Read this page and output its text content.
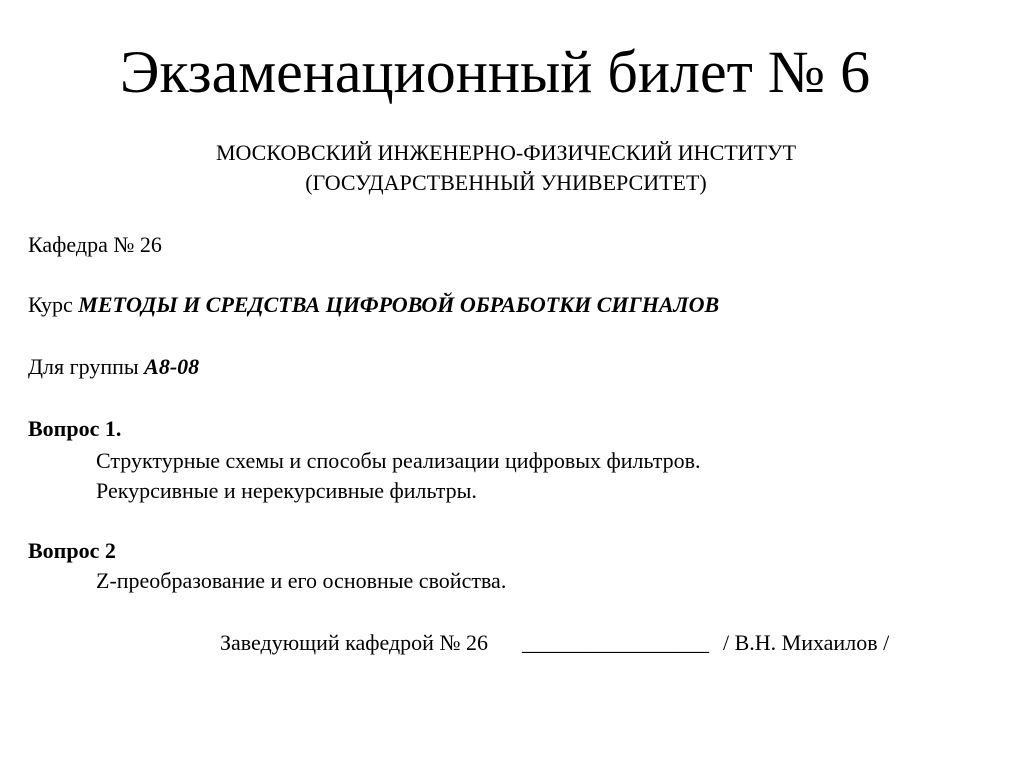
Экзаменационный билет № 6
МОСКОВСКИЙ ИНЖЕНЕРНО-ФИЗИЧЕСКИЙ ИНСТИТУТ
(ГОСУДАРСТВЕННЫЙ УНИВЕРСИТЕТ)
Кафедра № 26
Курс МЕТОДЫ И СРЕДСТВА ЦИФРОВОЙ ОБРАБОТКИ СИГНАЛОВ
Для группы А8-08
Вопрос 1.
Структурные схемы и способы реализации цифровых фильтров.
Рекурсивные и нерекурсивные фильтры.
Вопрос 2
Z-преобразование и его основные свойства.
Заведующий кафедрой № 26 _________________ / В.Н. Михаилов /
